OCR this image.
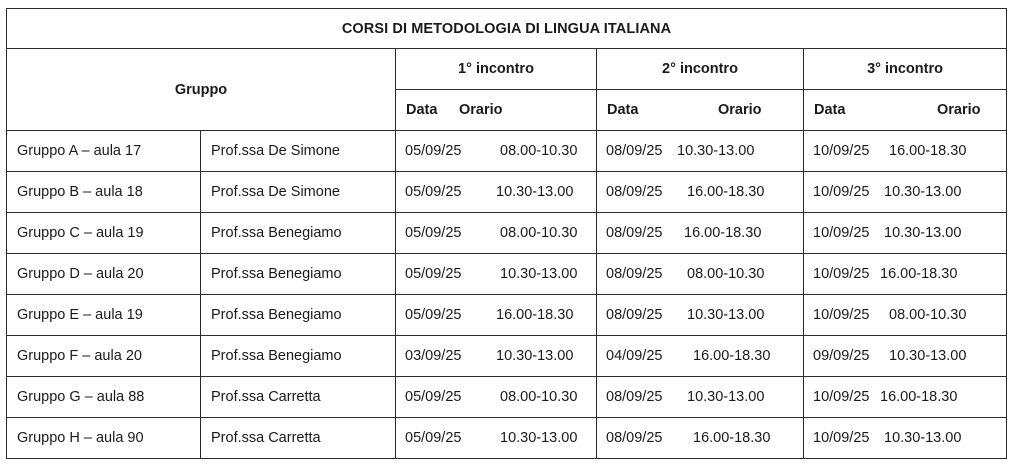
CORSI DI METODOLOGIA DI LINGUA ITALIANA				
Gruppo		1° incontro	2° incontro	3° incontro

		Data Orario	Data Orario	Data Orario

Gruppo A – aula 17	Prof.ssa De Simone	05/09/25 08.00-10.30	08/09/25 10.30-13.00	10/09/25 16.00-18.30

Gruppo B – aula 18	Prof.ssa De Simone	05/09/25 10.30-13.00	08/09/25 16.00-18.30	10/09/25 10.30-13.00

Gruppo C – aula 19	Prof.ssa Benegiamo	05/09/25 08.00-10.30	08/09/25 16.00-18.30	10/09/25 10.30-13.00

Gruppo D – aula 20	Prof.ssa Benegiamo	05/09/25 10.30-13.00	08/09/25 08.00-10.30	10/09/25 16.00-18.30

Gruppo E – aula 19	Prof.ssa Benegiamo	05/09/25 16.00-18.30	08/09/25 10.30-13.00	10/09/25 08.00-10.30

Gruppo F – aula 20	Prof.ssa Benegiamo	03/09/25 10.30-13.00	04/09/25 16.00-18.30	09/09/25 10.30-13.00

Gruppo G – aula 88	Prof.ssa Carretta	05/09/25 08.00-10.30	08/09/25 10.30-13.00	10/09/25 16.00-18.30

Gruppo H – aula 90	Prof.ssa Carretta	05/09/25 10.30-13.00	08/09/25 16.00-18.30	10/09/25 10.30-13.00
